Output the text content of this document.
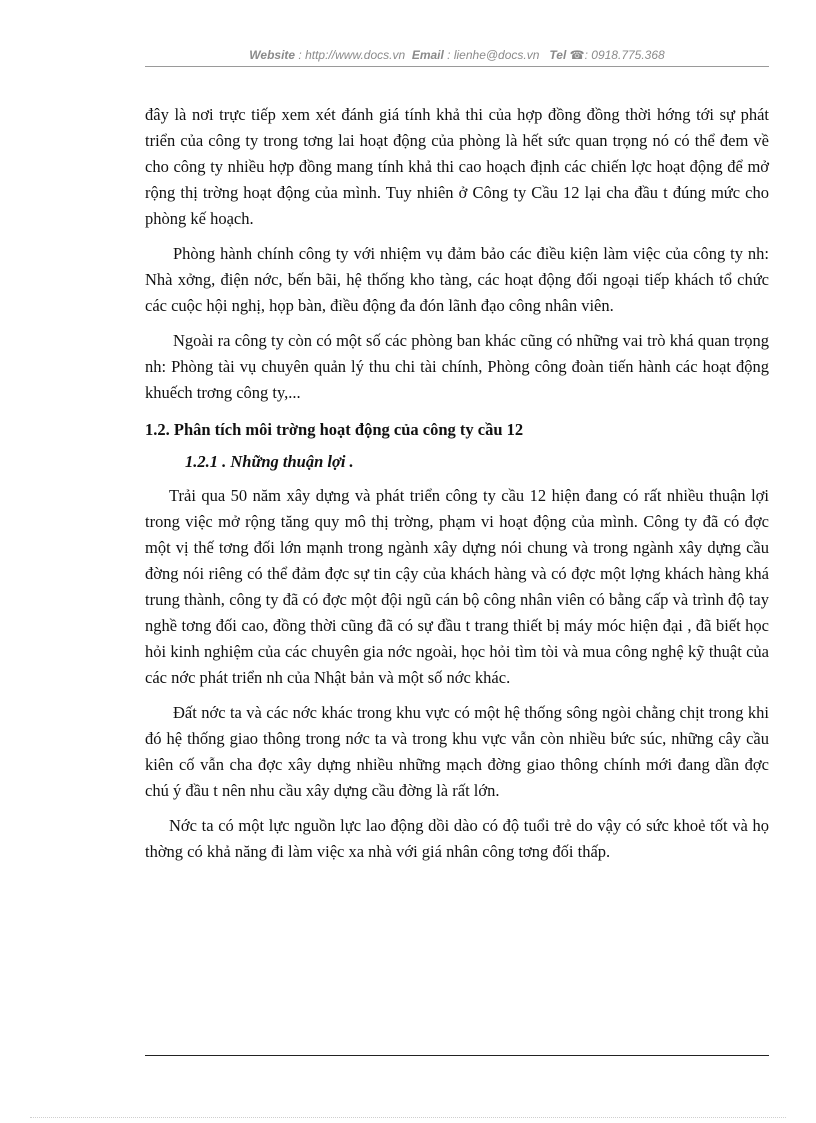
Website : http://www.docs.vn Email : lienhe@docs.vn Tel ☎: 0918.775.368

đây là nơi trực tiếp xem xét đánh giá tính khả thi của hợp đồng đồng thời hớng tới sự phát triển của công ty trong tơng lai hoạt động của phòng là hết sức quan trọng nó có thể đem về cho công ty nhiều hợp đồng mang tính khả thi cao hoạch định các chiến lợc hoạt động để mở rộng thị trờng hoạt động của mình. Tuy nhiên ở Công ty Cầu 12 lại cha đầu t đúng mức cho phòng kế hoạch.

Phòng hành chính công ty với nhiệm vụ đảm bảo các điều kiện làm việc của công ty nh: Nhà xởng, điện nớc, bến bãi, hệ thống kho tàng, các hoạt động đối ngoại tiếp khách tổ chức các cuộc hội nghị, họp bàn, điều động đa đón lãnh đạo công nhân viên.

Ngoài ra công ty còn có một số các phòng ban khác cũng có những vai trò khá quan trọng nh: Phòng tài vụ chuyên quản lý thu chi tài chính, Phòng công đoàn tiến hành các hoạt động khuếch trơng công ty,...

1.2. Phân tích môi trờng hoạt động của công ty cầu 12
1.2.1 . Những thuận lợi .

Trải qua 50 năm xây dựng và phát triển công ty cầu 12 hiện đang có rất nhiều thuận lợi trong việc mở rộng tăng quy mô thị trờng, phạm vi hoạt động của mình. Công ty đã có đợc một vị thế tơng đối lớn mạnh trong ngành xây dựng nói chung và trong ngành xây dựng cầu đờng nói riêng có thể đảm đợc sự tin cậy của khách hàng và có đợc một lợng khách hàng khá trung thành, công ty đã có đợc một đội ngũ cán bộ công nhân viên có bằng cấp và trình độ tay nghề tơng đối cao, đồng thời cũng đã có sự đầu t trang thiết bị máy móc hiện đại , đã biết học hỏi kinh nghiệm của các chuyên gia nớc ngoài, học hỏi tìm tòi và mua công nghệ kỹ thuật của các nớc phát triển nh của Nhật bản và một số nớc khác.

Đất nớc ta và các nớc khác trong khu vực có một hệ thống sông ngòi chằng chịt trong khi đó hệ thống giao thông trong nớc ta và trong khu vực vẫn còn nhiều bức súc, những cây cầu kiên cố vẫn cha đợc xây dựng nhiều những mạch đờng giao thông chính mới đang dần đợc chú ý đầu t nên nhu cầu xây dựng cầu đờng là rất lớn.

Nớc ta có một lực nguồn lực lao động dồi dào có độ tuổi trẻ do vậy có sức khoẻ tốt và họ thờng có khả năng đi làm việc xa nhà với giá nhân công tơng đối thấp.
